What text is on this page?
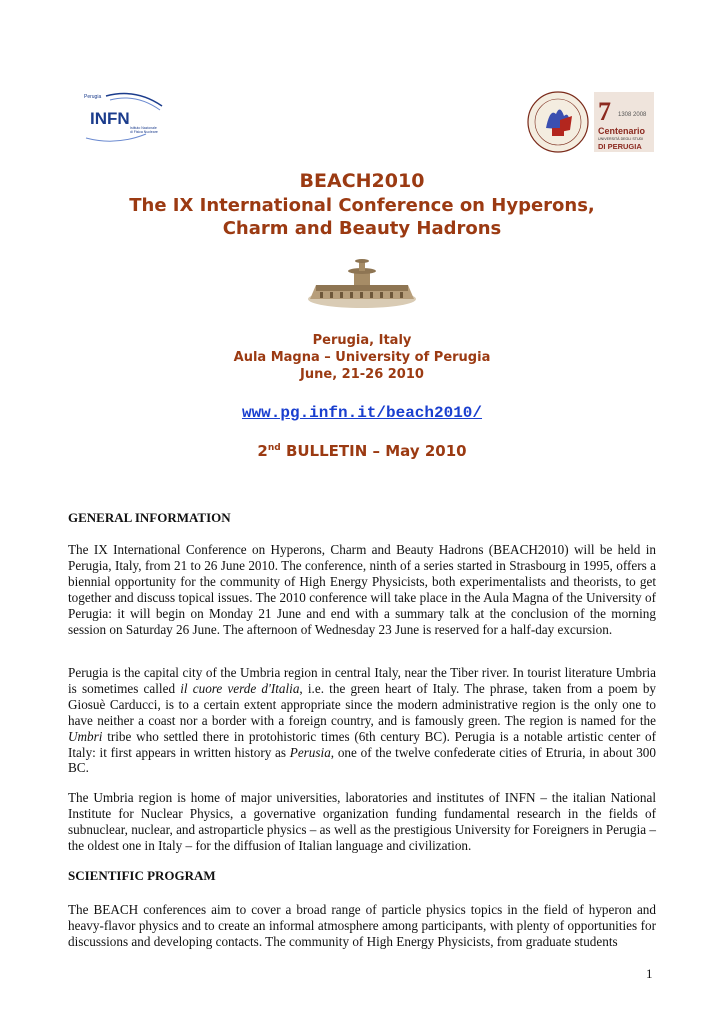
Perugia
INFN Istituto Nazionale
di Fisica Nucleare
7 1308 2008
Centenario
UNIVERSITÀ DEGLI STUDI
DI PERUGIA
BEACH2010
The IX International Conference on Hyperons,
Charm and Beauty Hadrons
Perugia, Italy
Aula Magna – University of Perugia
June, 21-26 2010
www.pg.infn.it/beach2010/
2nd BULLETIN – May 2010
GENERAL INFORMATION

The IX International Conference on Hyperons, Charm and Beauty Hadrons (BEACH2010) will be held in Perugia, Italy, from 21 to 26 June 2010. The conference, ninth of a series started in Strasbourg in 1995, offers a biennial opportunity for the community of High Energy Physicists, both experimentalists and theorists, to get together and discuss topical issues. The 2010 conference will take place in the Aula Magna of the University of Perugia: it will begin on Monday 21 June and end with a summary talk at the conclusion of the morning session on Saturday 26 June. The afternoon of Wednesday 23 June is reserved for a half-day excursion.

Perugia is the capital city of the Umbria region in central Italy, near the Tiber river. In tourist literature Umbria is sometimes called il cuore verde d'Italia, i.e. the green heart of Italy. The phrase, taken from a poem by Giosuè Carducci, is to a certain extent appropriate since the modern administrative region is the only one to have neither a coast nor a border with a foreign country, and is famously green. The region is named for the Umbri tribe who settled there in protohistoric times (6th century BC). Perugia is a notable artistic center of Italy: it first appears in written history as Perusia, one of the twelve confederate cities of Etruria, in about 300 BC.

The Umbria region is home of major universities, laboratories and institutes of INFN – the italian National Institute for Nuclear Physics, a governative organization funding fundamental research in the fields of subnuclear, nuclear, and astroparticle physics – as well as the prestigious University for Foreigners in Perugia – the oldest one in Italy – for the diffusion of Italian language and civilization.

SCIENTIFIC PROGRAM

The BEACH conferences aim to cover a broad range of particle physics topics in the field of hyperon and heavy-flavor physics and to create an informal atmosphere among participants, with plenty of opportunities for discussions and developing contacts. The community of High Energy Physicists, from graduate students

1
